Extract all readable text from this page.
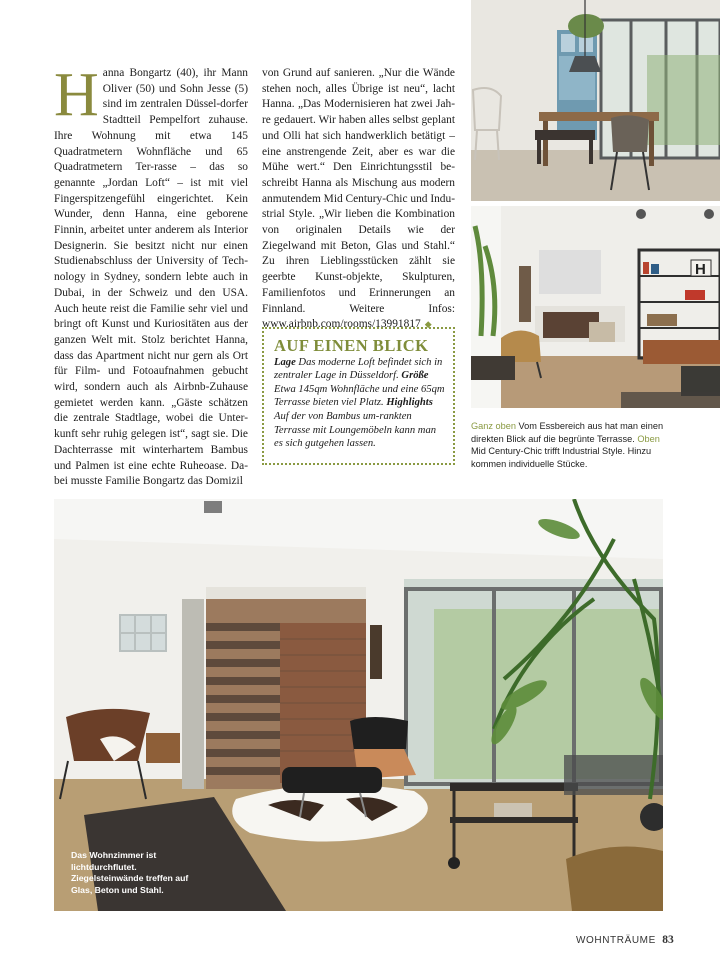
H anna Bongartz (40), ihr Mann Oliver (50) und Sohn Jesse (5) sind im zentralen Düssel-dorfer Stadtteil Pempelfort zuhause. Ihre Wohnung mit etwa 145 Quadratmetern Wohnfläche und 65 Quadratmetern Ter-rasse – das so genannte „Jordan Loft“ – ist mit viel Fingerspitzengefühl eingerichtet. Kein Wunder, denn Hanna, eine geborene Finnin, arbeitet unter anderem als Interior Designerin. Sie besitzt nicht nur einen Studienabschluss der University of Tech-nology in Sydney, sondern lebte auch in Dubai, in der Schweiz und den USA. Auch heute reist die Familie sehr viel und bringt oft Kunst und Kuriositäten aus der ganzen Welt mit. Stolz berichtet Hanna, dass das Apartment nicht nur gern als Ort für Film- und Fotoaufnahmen gebucht wird, sondern auch als Airbnb-Zuhause gemietet werden kann. „Gäste schätzen die zentrale Stadtlage, wobei die Unter-kunft sehr ruhig gelegen ist“, sagt sie. Die Dachterrasse mit winterhartem Bambus und Palmen ist eine echte Ruheoase. Da-bei musste Familie Bongartz das Domizil
von Grund auf sanieren. „Nur die Wände stehen noch, alles Übrige ist neu“, lacht Hanna. „Das Modernisieren hat zwei Jah-re gedauert. Wir haben alles selbst geplant und Olli hat sich handwerklich betätigt – eine anstrengende Zeit, aber es war die Mühe wert.“ Den Einrichtungsstil be-schreibt Hanna als Mischung aus modern anmutendem Mid Century-Chic und Indu-strial Style. „Wir lieben die Kombination von originalen Details wie der Ziegelwand mit Beton, Glas und Stahl.“ Zu ihren Lieblingsstücken zählt sie geerbte Kunst-objekte, Skulpturen, Familienfotos und Erinnerungen an Finnland. Weitere Infos: www.airbnb.com/rooms/13991817 ◆
AUF EINEN BLICK

Lage Das moderne Loft befindet sich in zentraler Lage in Düsseldorf. Größe Etwa 145qm Wohnfläche und eine 65qm Terrasse bieten viel Platz. Highlights Auf der von Bambus um-rankten Terrasse mit Loungemöbeln kann man es sich gutgehen lassen.

H
Ganz oben Vom Essbereich aus hat man einen direkten Blick auf die begrünte Terrasse. Oben Mid Century-Chic trifft Industrial Style. Hinzu kommen individuelle Stücke.
Das Wohnzimmer ist lichtdurchflutet. Ziegelsteinwände treffen auf Glas, Beton und Stahl.
WOHNTRÄUME 83
